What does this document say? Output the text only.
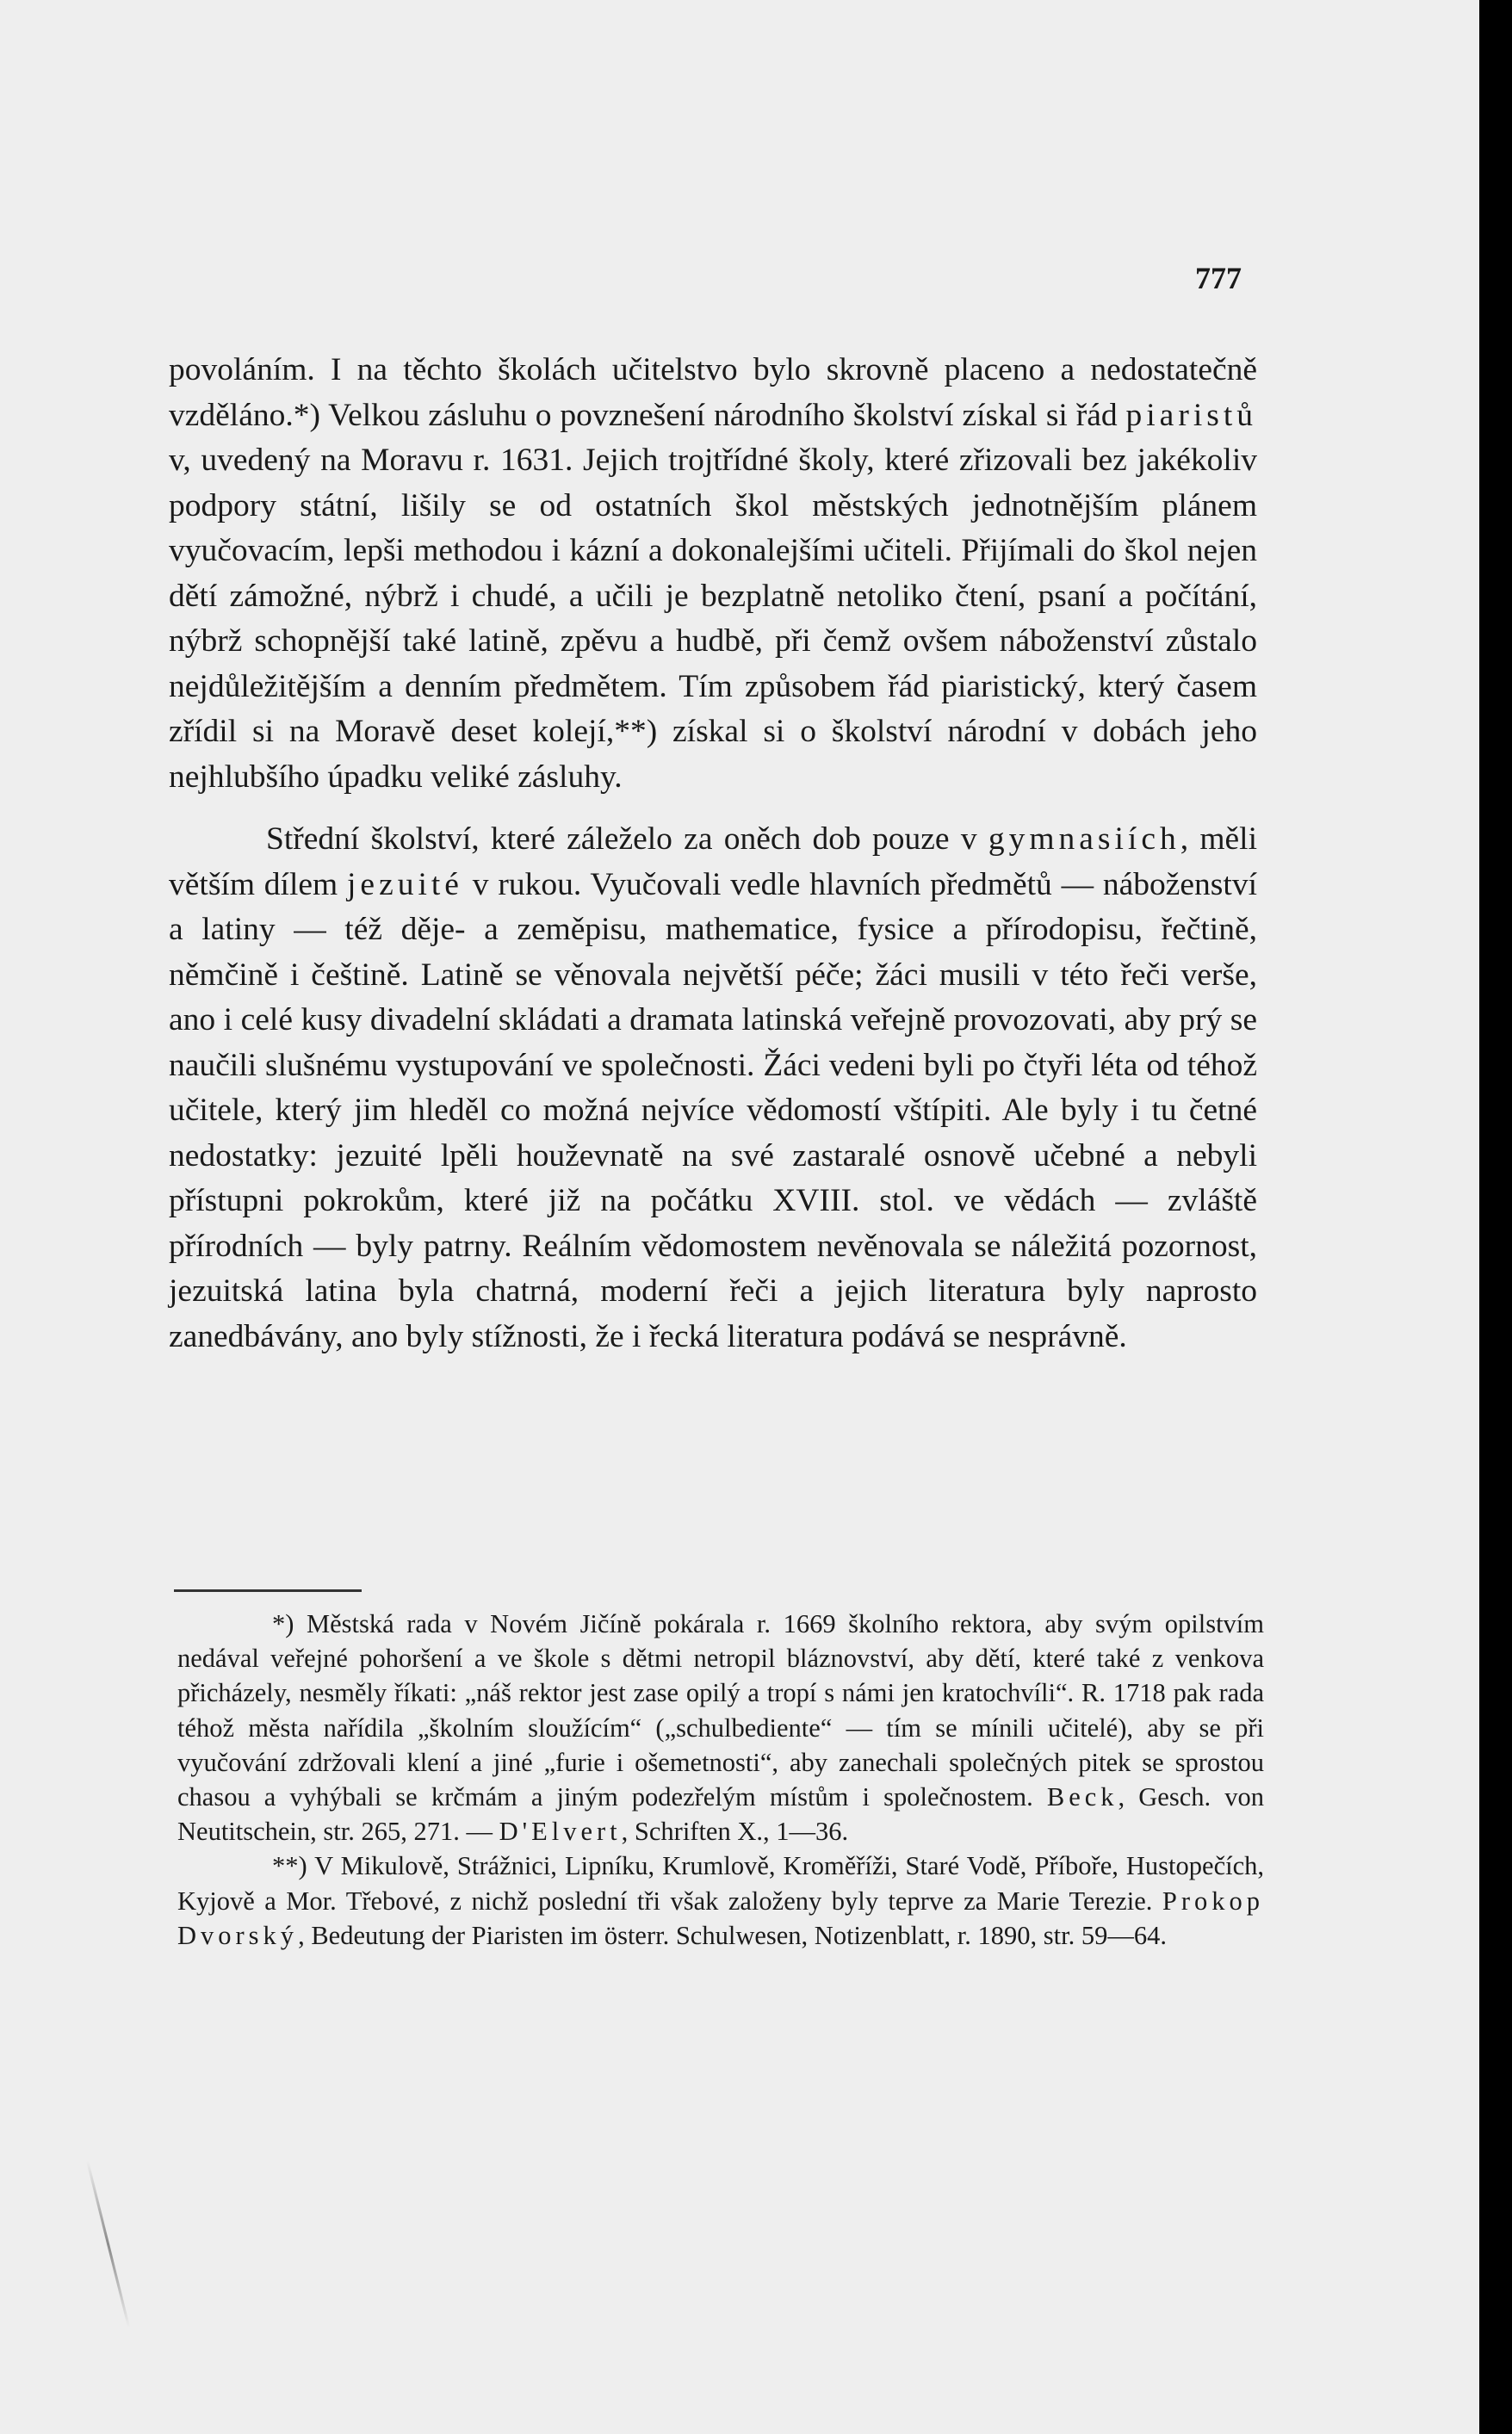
777

povoláním. I na těchto školách učitelstvo bylo skrovně placeno a nedostatečně vzděláno.*) Velkou zásluhu o povznešení národního školství získal si řád piaristů v, uvedený na Moravu r. 1631. Jejich trojtřídné školy, které zřizovali bez jakékoliv podpory státní, lišily se od ostatních škol městských jednotnějším plánem vyučovacím, lepši methodou i kázní a dokonalejšími učiteli. Přijímali do škol nejen dětí zámožné, nýbrž i chudé, a učili je bezplatně netoliko čtení, psaní a počítání, nýbrž schopnější také latině, zpěvu a hudbě, při čemž ovšem náboženství zůstalo nejdůležitějším a denním předmětem. Tím způsobem řád piaristický, který časem zřídil si na Moravě deset kolejí,**) získal si o školství národní v dobách jeho nejhlubšího úpadku veliké zásluhy.

Střední školství, které záleželo za oněch dob pouze v gymnasiích, měli větším dílem jezuité v rukou. Vyučovali vedle hlavních předmětů — náboženství a latiny — též děje- a zeměpisu, mathematice, fysice a přírodopisu, řečtině, němčině i češtině. Latině se věnovala největší péče; žáci musili v této řeči verše, ano i celé kusy divadelní skládati a dramata latinská veřejně provozovati, aby prý se naučili slušnému vystupování ve společnosti. Žáci vedeni byli po čtyři léta od téhož učitele, který jim hleděl co možná nejvíce vědomostí vštípiti. Ale byly i tu četné nedostatky: jezuité lpěli houževnatě na své zastaralé osnově učebné a nebyli přístupni pokrokům, které již na počátku XVIII. stol. ve vědách — zvláště přírodních — byly patrny. Reálním vědomostem nevěnovala se náležitá pozornost, jezuitská latina byla chatrná, moderní řeči a jejich literatura byly naprosto zanedbávány, ano byly stížnosti, že i řecká literatura podává se nesprávně.

*) Městská rada v Novém Jičíně pokárala r. 1669 školního rektora, aby svým opilstvím nedával veřejné pohoršení a ve škole s dětmi netropil bláznovství, aby dětí, které také z venkova přicházely, nesměly říkati: „náš rektor jest zase opilý a tropí s námi jen kratochvíli“. R. 1718 pak rada téhož města nařídila „školním sloužícím“ („schulbediente“ — tím se mínili učitelé), aby se při vyučování zdržovali klení a jiné „furie i ošemetnosti“, aby zanechali společných pitek se sprostou chasou a vyhýbali se krčmám a jiným podezřelým místům i společnostem. Beck, Gesch. von Neutitschein, str. 265, 271. — D'Elvert, Schriften X., 1—36.

**) V Mikulově, Strážnici, Lipníku, Krumlově, Kroměříži, Staré Vodě, Příboře, Hustopečích, Kyjově a Mor. Třebové, z nichž poslední tři však založeny byly teprve za Marie Terezie. Prokop Dvorský, Bedeutung der Piaristen im österr. Schulwesen, Notizenblatt, r. 1890, str. 59—64.
